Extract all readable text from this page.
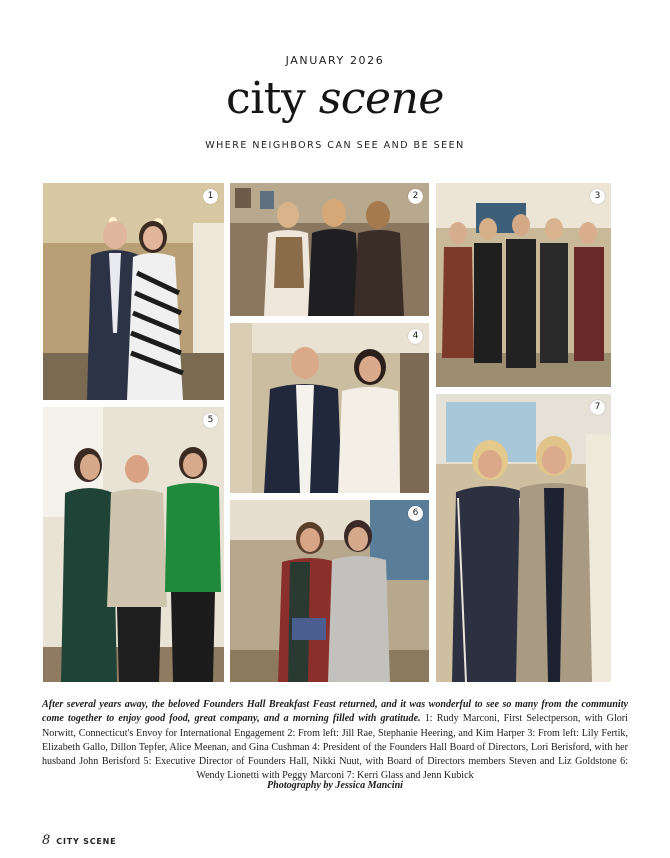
JANUARY 2026
city scene
WHERE NEIGHBORS CAN SEE AND BE SEEN
1	2	3
4
5
6
7
After several years away, the beloved Founders Hall Breakfast Feast returned, and it was wonderful to see so many from the community come together to enjoy good food, great company, and a morning filled with gratitude. 1: Rudy Marconi, First Selectperson, with Glori Norwitt, Connecticut's Envoy for International Engagement 2: From left: Jill Rae, Stephanie Heering, and Kim Harper 3: From left: Lily Fertik, Elizabeth Gallo, Dillon Tepfer, Alice Meenan, and Gina Cushman 4: President of the Founders Hall Board of Directors, Lori Berisford, with her husband John Berisford 5: Executive Director of Founders Hall, Nikki Nuut, with Board of Directors members Steven and Liz Goldstone 6: Wendy Lionetti with Peggy Marconi 7: Kerri Glass and Jenn Kubick
Photography by Jessica Mancini
8 CITY SCENE
